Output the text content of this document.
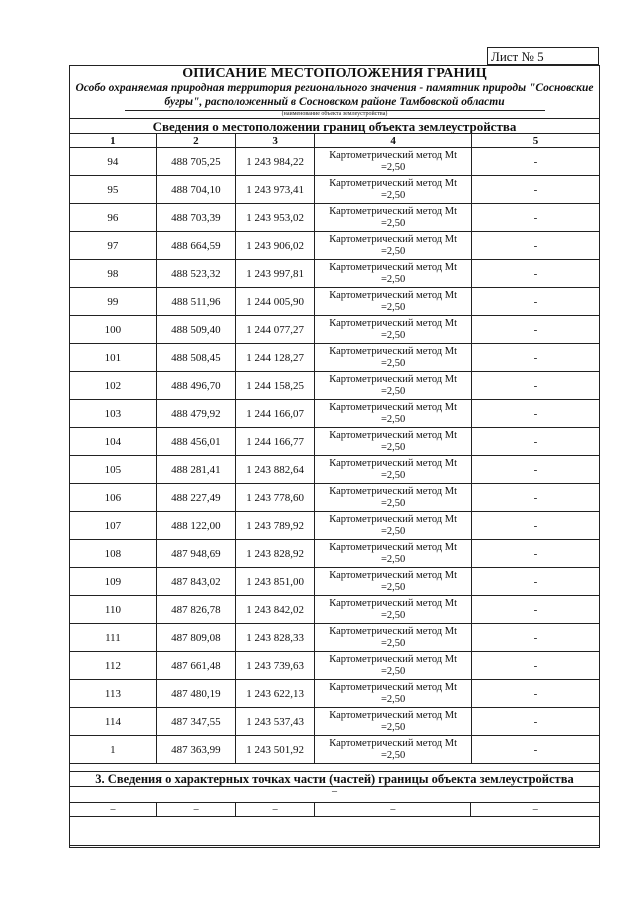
Лист № 5
ОПИСАНИЕ МЕСТОПОЛОЖЕНИЯ ГРАНИЦ
Особо охраняемая природная территория регионального значения - памятник природы "Сосновские
бугры", расположенный в Сосновском районе Тамбовской области
(наименование объекта землеустройства)
Сведения о местоположении границ объекта землеустройства
1	2	3	4	5
94	488 705,25	1 243 984,22	Картометрический метод Mt
=2,50	-
95	488 704,10	1 243 973,41	Картометрический метод Mt
=2,50	-
96	488 703,39	1 243 953,02	Картометрический метод Mt
=2,50	-
97	488 664,59	1 243 906,02	Картометрический метод Mt
=2,50	-
98	488 523,32	1 243 997,81	Картометрический метод Mt
=2,50	-
99	488 511,96	1 244 005,90	Картометрический метод Mt
=2,50	-
100	488 509,40	1 244 077,27	Картометрический метод Mt
=2,50	-
101	488 508,45	1 244 128,27	Картометрический метод Mt
=2,50	-
102	488 496,70	1 244 158,25	Картометрический метод Mt
=2,50	-
103	488 479,92	1 244 166,07	Картометрический метод Mt
=2,50	-
104	488 456,01	1 244 166,77	Картометрический метод Mt
=2,50	-
105	488 281,41	1 243 882,64	Картометрический метод Mt
=2,50	-
106	488 227,49	1 243 778,60	Картометрический метод Mt
=2,50	-
107	488 122,00	1 243 789,92	Картометрический метод Mt
=2,50	-
108	487 948,69	1 243 828,92	Картометрический метод Mt
=2,50	-
109	487 843,02	1 243 851,00	Картометрический метод Mt
=2,50	-
110	487 826,78	1 243 842,02	Картометрический метод Mt
=2,50	-
111	487 809,08	1 243 828,33	Картометрический метод Mt
=2,50	-
112	487 661,48	1 243 739,63	Картометрический метод Mt
=2,50	-
113	487 480,19	1 243 622,13	Картометрический метод Mt
=2,50	-
114	487 347,55	1 243 537,43	Картометрический метод Mt
=2,50	-
1	487 363,99	1 243 501,92	Картометрический метод Mt
=2,50	-
3. Сведения о характерных точках части (частей) границы объекта землеустройства
–
–	–	–	–	–
